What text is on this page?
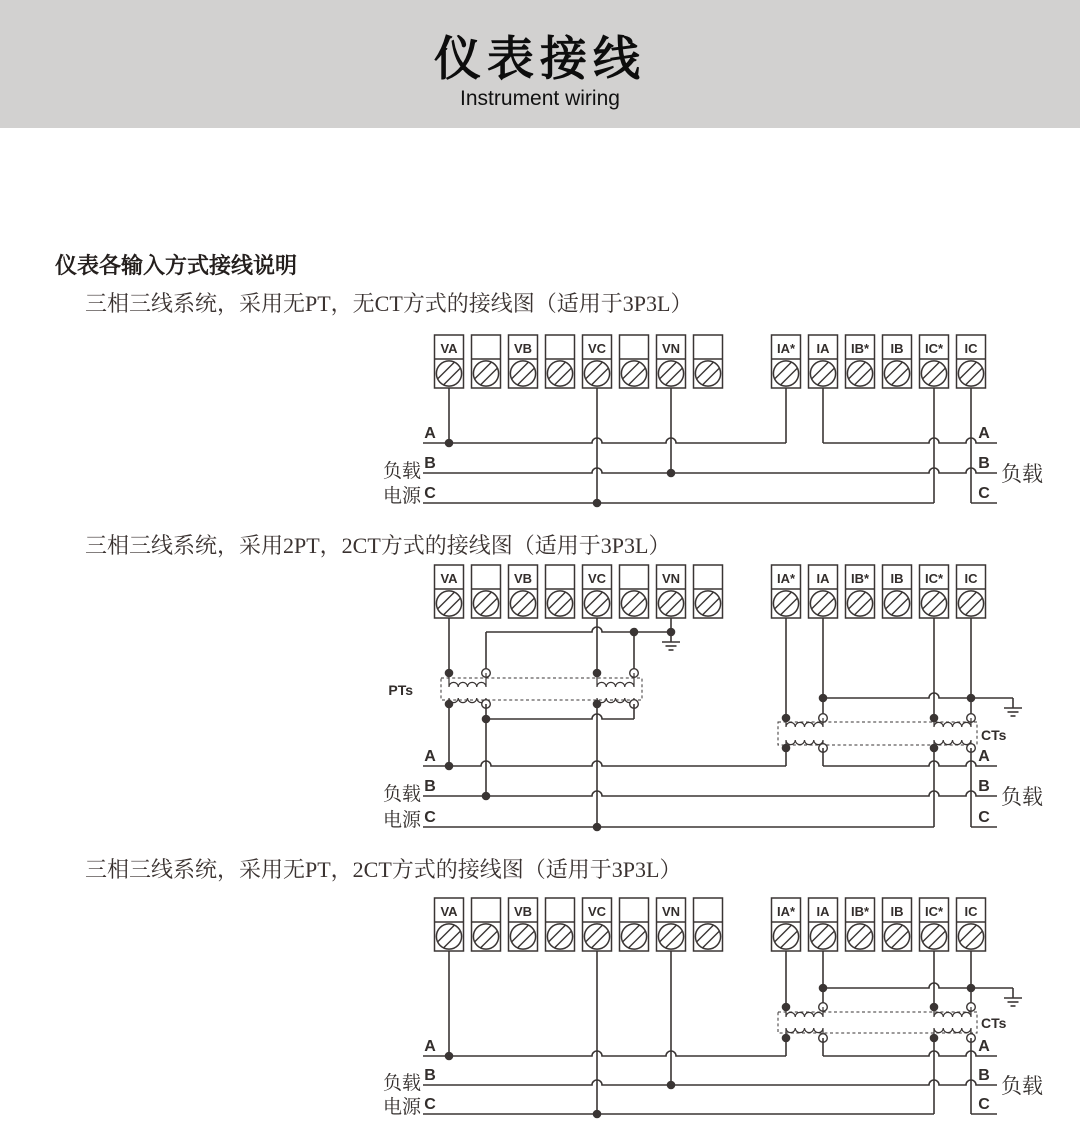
仪表接线
Instrument wiring
仪表各输入方式接线说明
三相三线系统，采用无PT，无CT方式的接线图（适用于3P3L）
三相三线系统，采用2PT，2CT方式的接线图（适用于3P3L）
三相三线系统，采用无PT，2CT方式的接线图（适用于3P3L）
VA	VB	VC	VN	IA* IA IB* IB IC* IC
A	A
B	B
C	C
负载
电源
负载
VA	VB	VC	VN	IA* IA IB* IB IC* IC
PTs
CTs
A	A
B	B
C	C
负载
电源
负载
VA	VB	VC	VN	IA* IA IB* IB IC* IC
CTs
A	A
B	B
C	C
负载
电源
负载
